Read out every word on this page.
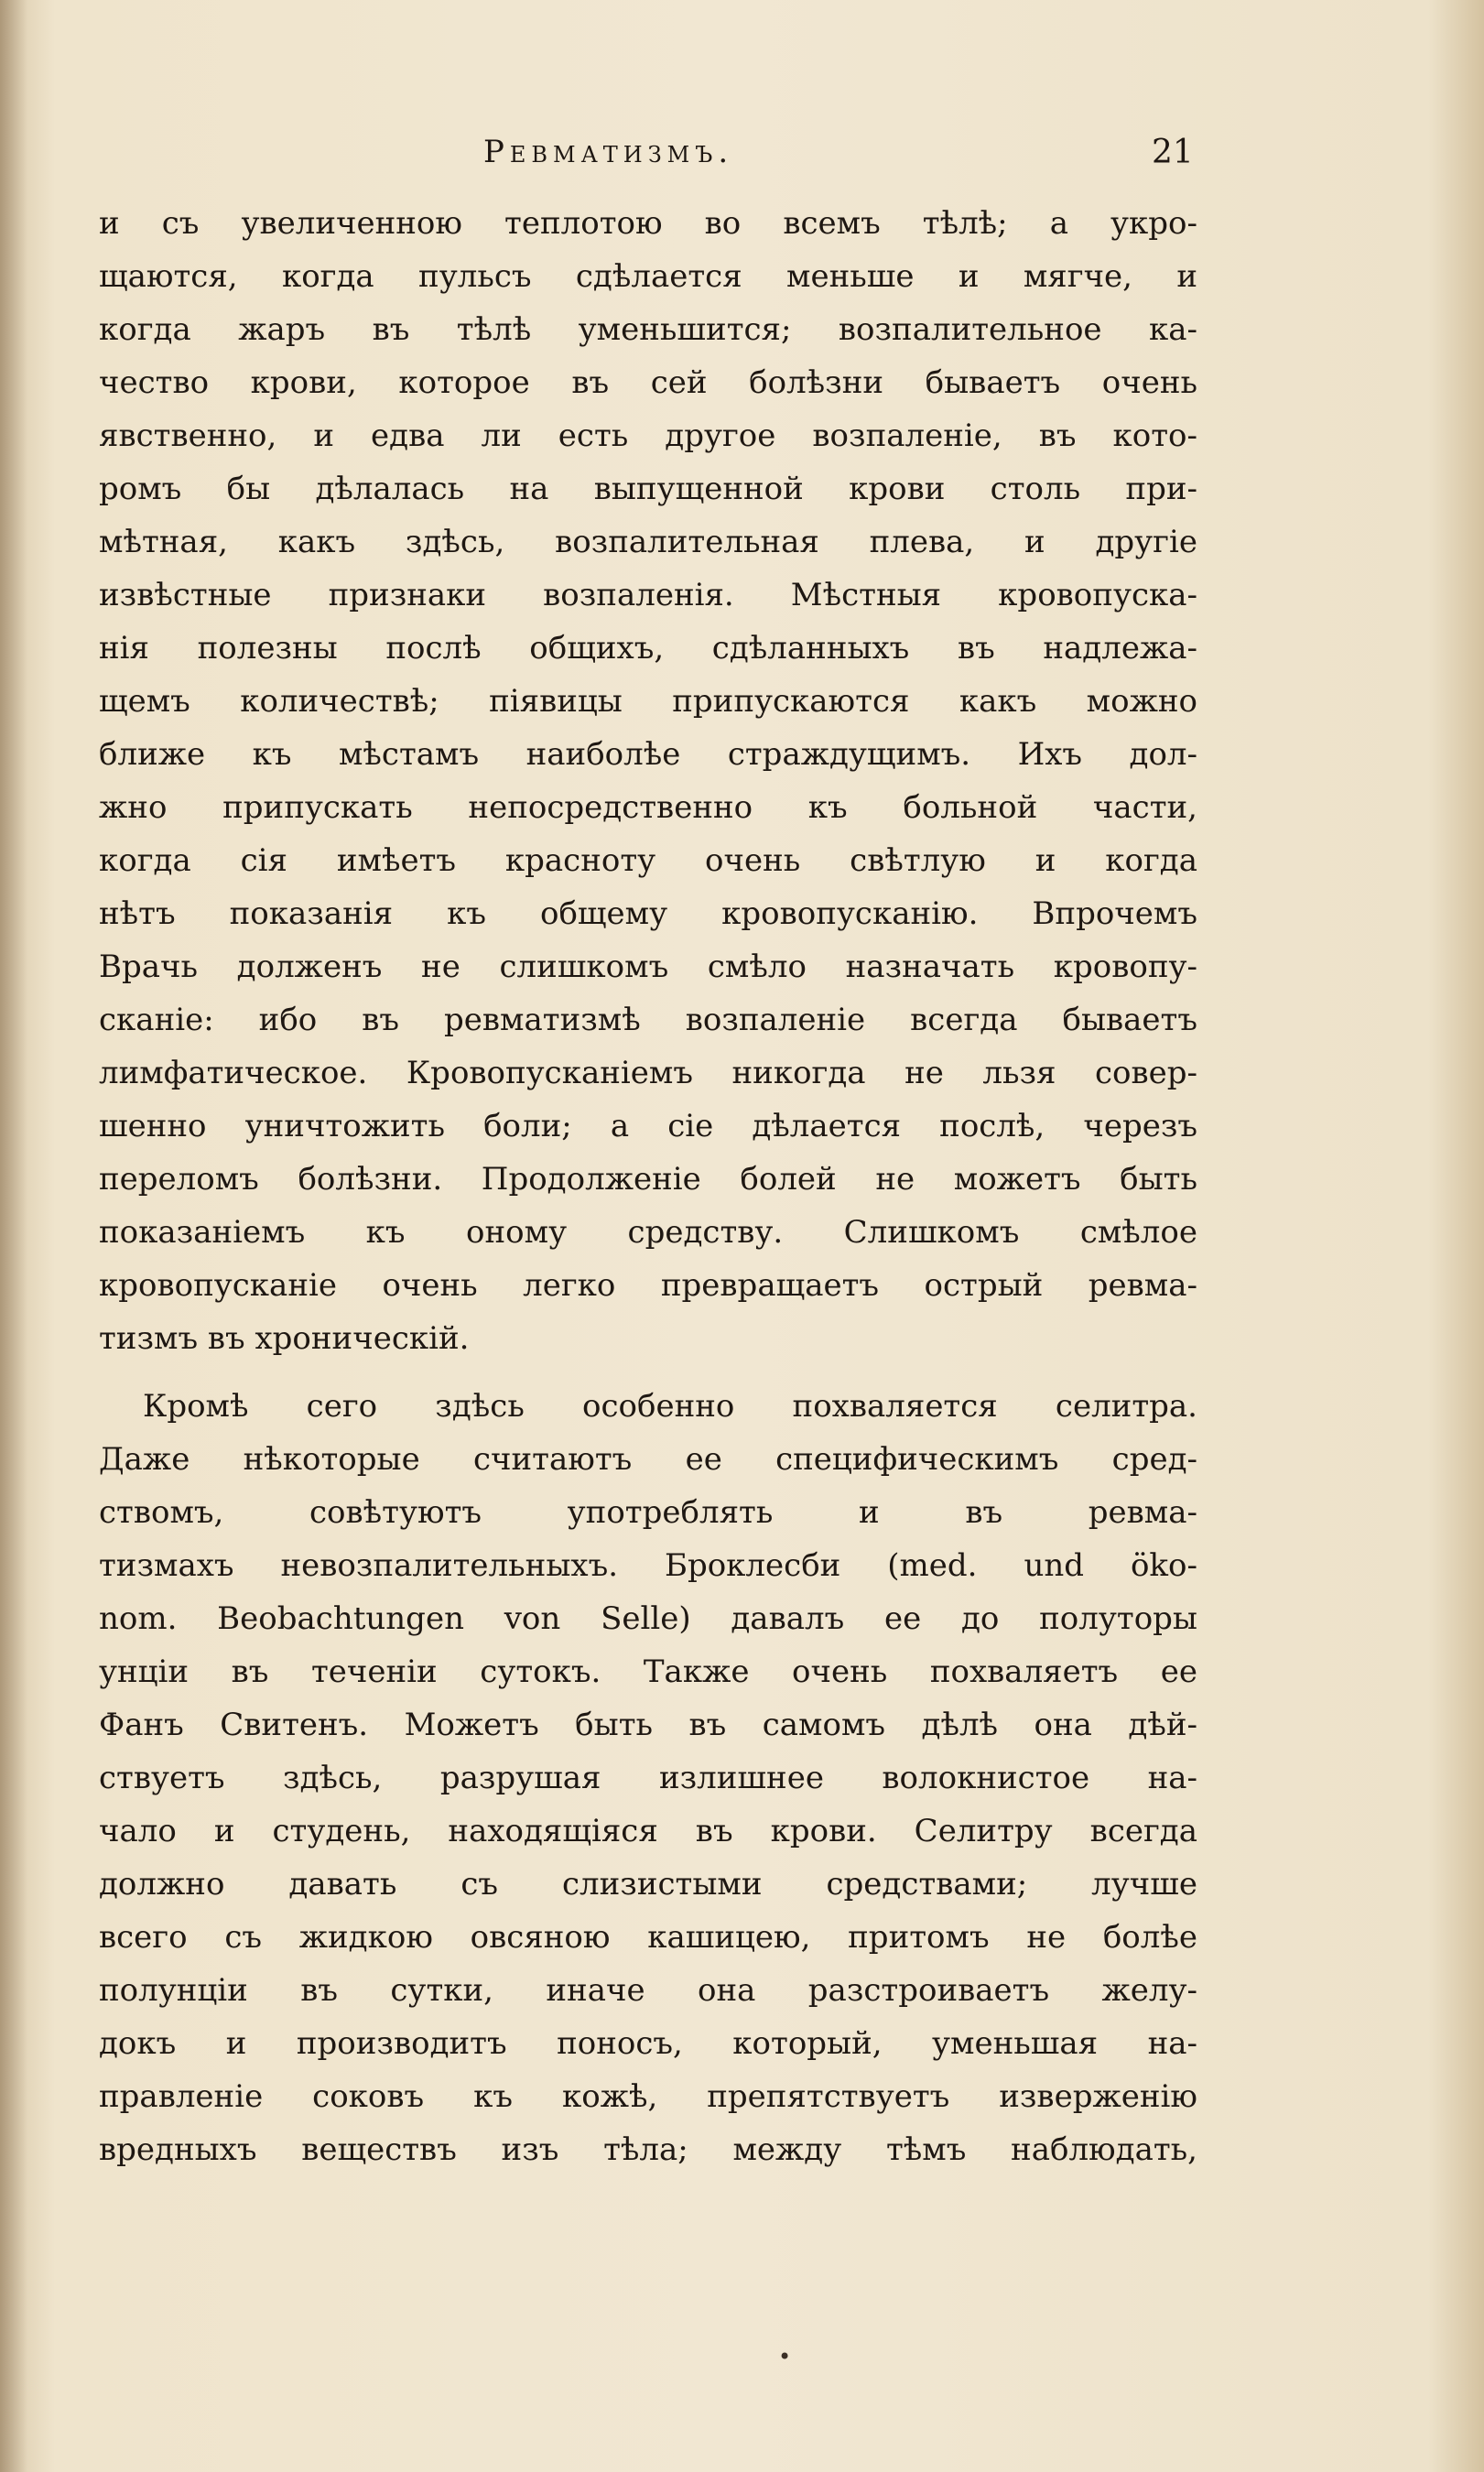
Ревматизмъ.	21
и съ увеличенною теплотою во всемъ тѣлѣ; а укро-
щаются, когда пульсъ сдѣлается меньше и мягче, и
когда жаръ въ тѣлѣ уменьшится; возпалительное ка-
чество крови, которое въ сей болѣзни бываетъ очень
явственно, и едва ли есть другое возпаленіе, въ кото-
ромъ бы дѣлалась на выпущенной крови столь при-
мѣтная, какъ здѣсь, возпалительная плева, и другіе
извѣстные признаки возпаленія. Мѣстныя кровопуска-
нія полезны послѣ общихъ, сдѣланныхъ въ надлежа-
щемъ количествѣ; піявицы припускаются какъ можно
ближе къ мѣстамъ наиболѣе страждущимъ. Ихъ дол-
жно припускать непосредственно къ больной части,
когда сія имѣетъ красноту очень свѣтлую и когда
нѣтъ показанія къ общему кровопусканію. Впрочемъ
Врачь долженъ не слишкомъ смѣло назначать кровопу-
сканіе: ибо въ ревматизмѣ возпаленіе всегда бываетъ
лимфатическое. Кровопусканіемъ никогда не льзя совер-
шенно уничтожить боли; а сіе дѣлается послѣ, черезъ
переломъ болѣзни. Продолженіе болей не можетъ быть
показаніемъ къ оному средству. Слишкомъ смѣлое
кровопусканіе очень легко превращаетъ острый ревма-
тизмъ въ хроническій.
Кромѣ сего здѣсь особенно похваляется селитра.
Даже нѣкоторые считаютъ ее специфическимъ сред-
ствомъ, совѣтуютъ употреблять и въ ревма-
тизмахъ невозпалительныхъ. Броклесби (med. und öko-
nom. Beobachtungen von Selle) давалъ ее до полуторы
унціи въ теченіи сутокъ. Также очень похваляетъ ее
Фанъ Свитенъ. Можетъ быть въ самомъ дѣлѣ она дѣй-
ствуетъ здѣсь, разрушая излишнее волокнистое на-
чало и студень, находящіяся въ крови. Селитру всегда
должно давать съ слизистыми средствами; лучше
всего съ жидкою овсяною кашицею, притомъ не болѣе
полунціи въ сутки, иначе она разстроиваетъ желу-
докъ и производитъ поносъ, который, уменьшая на-
правленіе соковъ къ кожѣ, препятствуетъ изверженію
вредныхъ веществъ изъ тѣла; между тѣмъ наблюдать,
•
